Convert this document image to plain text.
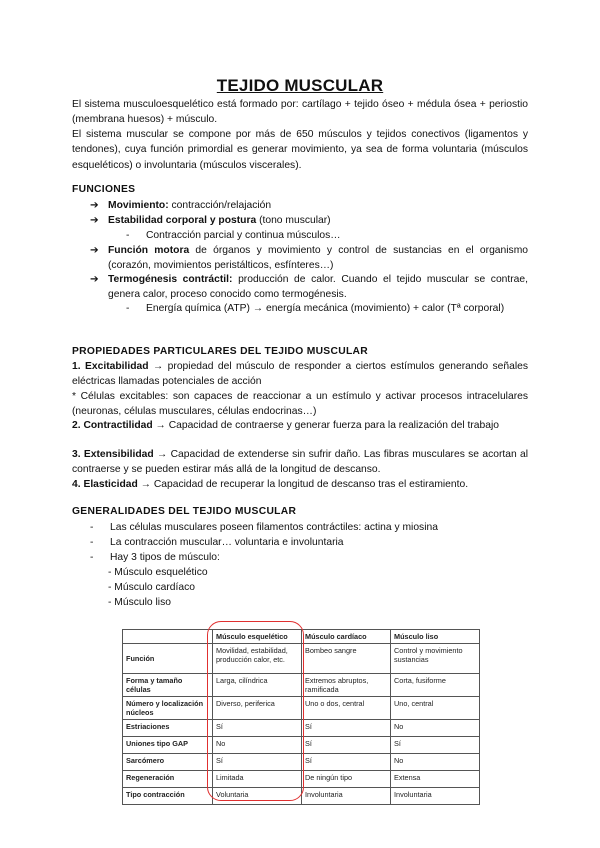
TEJIDO MUSCULAR

El sistema musculoesquelético está formado por: cartílago + tejido óseo + médula ósea + periostio (membrana huesos) + músculo.

El sistema muscular se compone por más de 650 músculos y tejidos conectivos (ligamentos y tendones), cuya función primordial es generar movimiento, ya sea de forma voluntaria (músculos esqueléticos) o involuntaria (músculos viscerales).

FUNCIONES

➔ Movimiento: contracción/relajación
➔ Estabilidad corporal y postura (tono muscular)
- Contracción parcial y continua músculos…
➔ Función motora de órganos y movimiento y control de sustancias en el organismo (corazón, movimientos peristálticos, esfínteres…)
➔ Termogénesis contráctil: producción de calor. Cuando el tejido muscular se contrae, genera calor, proceso conocido como termogénesis.
- Energía química (ATP) → energía mecánica (movimiento) + calor (Tª corporal)

PROPIEDADES PARTICULARES DEL TEJIDO MUSCULAR

1. Excitabilidad → propiedad del músculo de responder a ciertos estímulos generando señales eléctricas llamadas potenciales de acción

* Células excitables: son capaces de reaccionar a un estímulo y activar procesos intracelulares (neuronas, células musculares, células endocrinas…)

2. Contractilidad → Capacidad de contraerse y generar fuerza para la realización del trabajo

3. Extensibilidad → Capacidad de extenderse sin sufrir daño. Las fibras musculares se acortan al contraerse y se pueden estirar más allá de la longitud de descanso.

4. Elasticidad → Capacidad de recuperar la longitud de descanso tras el estiramiento.

GENERALIDADES DEL TEJIDO MUSCULAR

- Las células musculares poseen filamentos contráctiles: actina y miosina
- La contracción muscular… voluntaria e involuntaria
- Hay 3 tipos de músculo:
- Músculo esquelético
- Músculo cardíaco
- Músculo liso
	Músculo esquelético	Músculo cardíaco	Músculo liso
Función	Movilidad, estabilidad, producción calor, etc.	Bombeo sangre	Control y movimiento sustancias
Forma y tamaño células	Larga, cilíndrica	Extremos abruptos, ramificada	Corta, fusiforme
Número y localización núcleos	Diverso, periferica	Uno o dos, central	Uno, central
Estriaciones	Sí	Sí	No
Uniones tipo GAP	No	Sí	Sí
Sarcómero	Sí	Sí	No
Regeneración	Limitada	De ningún tipo	Extensa
Tipo contracción	Voluntaria	Involuntaria	Involuntaria
